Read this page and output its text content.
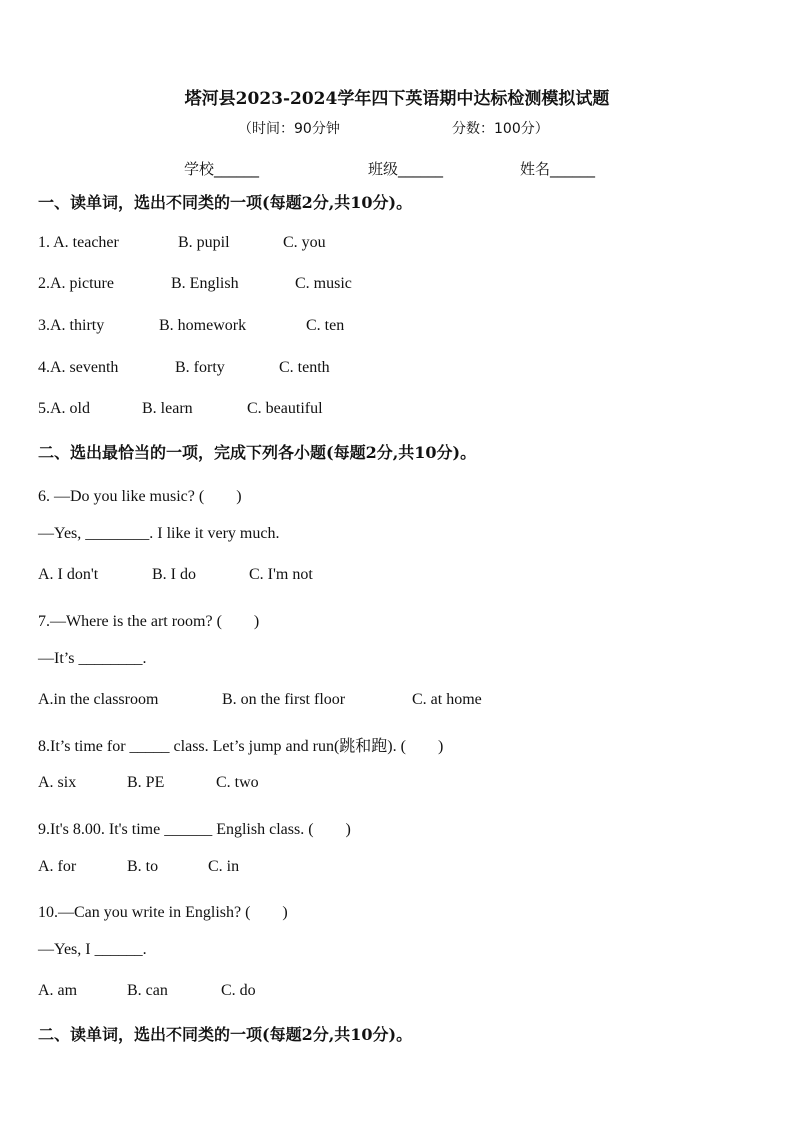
塔河县2023-2024学年四下英语期中达标检测模拟试题
（时间：90分钟	分数：100分）
学校______	班级______	姓名______
一、读单词，选出不同类的一项(每题2分,共10分)。
1. A. teacher	B. pupil	C. you
2.A. picture	B. English	C. music
3.A. thirty	B. homework	C. ten
4.A. seventh	B. forty	C. tenth
5.A. old	B. learn	C. beautiful
二、选出最恰当的一项，完成下列各小题(每题2分,共10分)。
6. —Do you like music? (　　)
—Yes, ________. I like it very much.
A. I don't	B. I do	C. I'm not
7.—Where is the art room? (　　)
—It’s ________.
A.in the classroom	B. on the first floor	C. at home
8.It’s time for _____ class. Let’s jump and run(跳和跑). (　　)
A. six	B. PE	C. two
9.It's 8.00. It's time ______ English class. (　　)
A. for	B. to	C. in
10.—Can you write in English? (　　)
—Yes, I ______.
A. am	B. can	C. do
二、读单词，选出不同类的一项(每题2分,共10分)。
